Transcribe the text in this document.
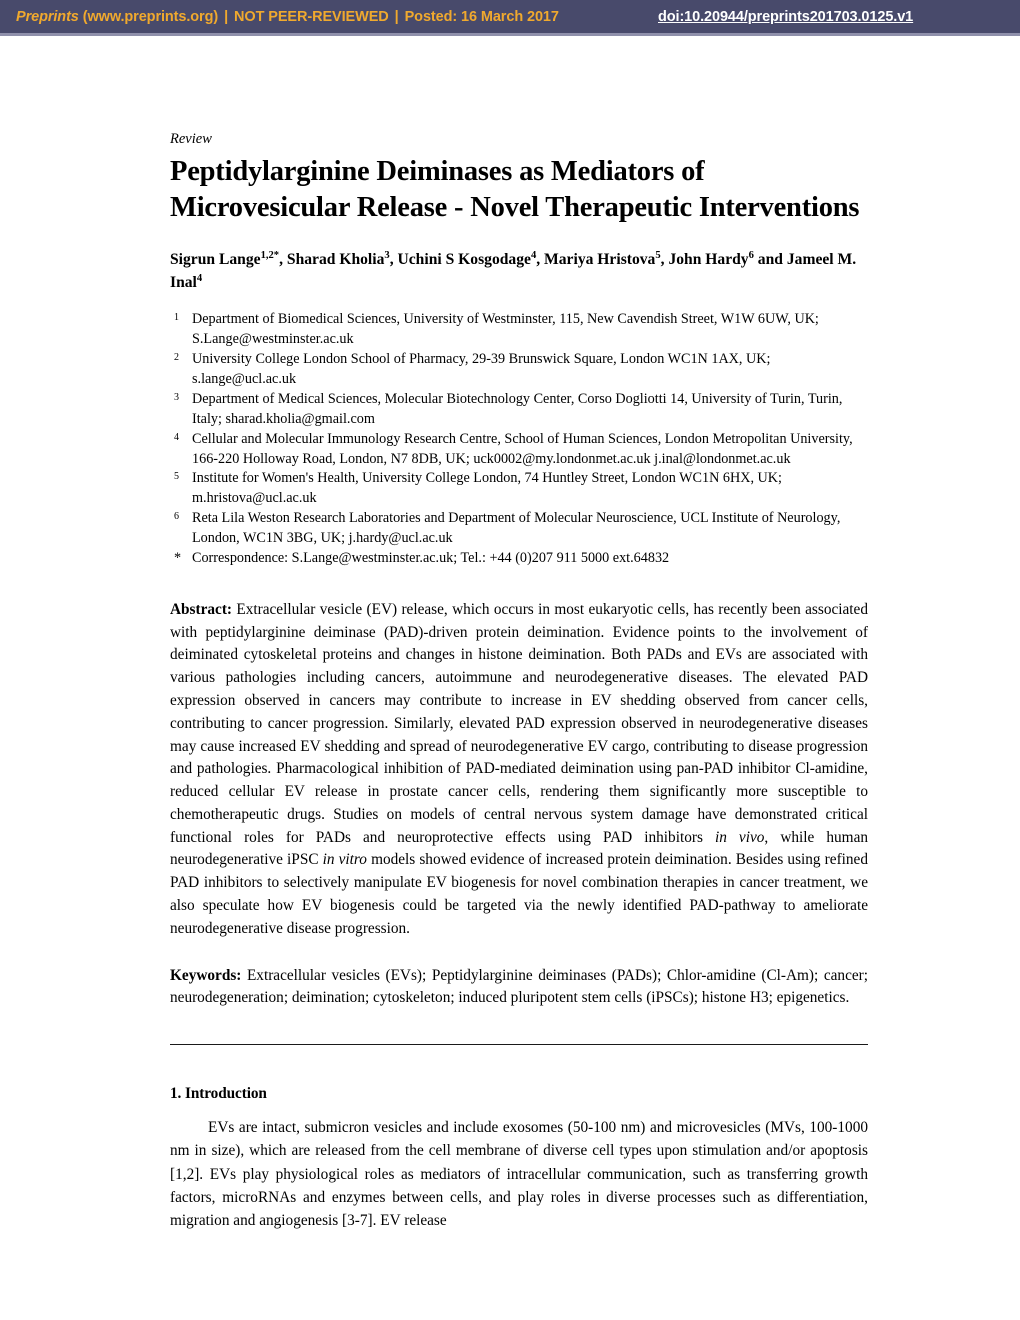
Preprints (www.preprints.org) | NOT PEER-REVIEWED | Posted: 16 March 2017	doi:10.20944/preprints201703.0125.v1
Review
Peptidylarginine Deiminases as Mediators of Microvesicular Release - Novel Therapeutic Interventions
Sigrun Lange$^{1,2*}$, Sharad Kholia$^3$, Uchini S Kosgodage$^4$, Mariya Hristova$^5$, John Hardy$^6$ and Jameel M. Inal$^4$
1 Department of Biomedical Sciences, University of Westminster, 115, New Cavendish Street, W1W 6UW, UK; S.Lange@westminster.ac.uk
2 University College London School of Pharmacy, 29-39 Brunswick Square, London WC1N 1AX, UK; s.lange@ucl.ac.uk
3 Department of Medical Sciences, Molecular Biotechnology Center, Corso Dogliotti 14, University of Turin, Turin, Italy; sharad.kholia@gmail.com
4 Cellular and Molecular Immunology Research Centre, School of Human Sciences, London Metropolitan University, 166-220 Holloway Road, London, N7 8DB, UK; uck0002@my.londonmet.ac.uk j.inal@londonmet.ac.uk
5 Institute for Women's Health, University College London, 74 Huntley Street, London WC1N 6HX, UK; m.hristova@ucl.ac.uk
6 Reta Lila Weston Research Laboratories and Department of Molecular Neuroscience, UCL Institute of Neurology, London, WC1N 3BG, UK; j.hardy@ucl.ac.uk
* Correspondence: S.Lange@westminster.ac.uk; Tel.: +44 (0)207 911 5000 ext.64832
Abstract: Extracellular vesicle (EV) release, which occurs in most eukaryotic cells, has recently been associated with peptidylarginine deiminase (PAD)-driven protein deimination. Evidence points to the involvement of deiminated cytoskeletal proteins and changes in histone deimination. Both PADs and EVs are associated with various pathologies including cancers, autoimmune and neurodegenerative diseases. The elevated PAD expression observed in cancers may contribute to increase in EV shedding observed from cancer cells, contributing to cancer progression. Similarly, elevated PAD expression observed in neurodegenerative diseases may cause increased EV shedding and spread of neurodegenerative EV cargo, contributing to disease progression and pathologies. Pharmacological inhibition of PAD-mediated deimination using pan-PAD inhibitor Cl-amidine, reduced cellular EV release in prostate cancer cells, rendering them significantly more susceptible to chemotherapeutic drugs. Studies on models of central nervous system damage have demonstrated critical functional roles for PADs and neuroprotective effects using PAD inhibitors in vivo, while human neurodegenerative iPSC in vitro models showed evidence of increased protein deimination. Besides using refined PAD inhibitors to selectively manipulate EV biogenesis for novel combination therapies in cancer treatment, we also speculate how EV biogenesis could be targeted via the newly identified PAD-pathway to ameliorate neurodegenerative disease progression.
Keywords: Extracellular vesicles (EVs); Peptidylarginine deiminases (PADs); Chlor-amidine (Cl-Am); cancer; neurodegeneration; deimination; cytoskeleton; induced pluripotent stem cells (iPSCs); histone H3; epigenetics.
1. Introduction
EVs are intact, submicron vesicles and include exosomes (50-100 nm) and microvesicles (MVs, 100-1000 nm in size), which are released from the cell membrane of diverse cell types upon stimulation and/or apoptosis [1,2]. EVs play physiological roles as mediators of intracellular communication, such as transferring growth factors, microRNAs and enzymes between cells, and play roles in diverse processes such as differentiation, migration and angiogenesis [3-7]. EV release
